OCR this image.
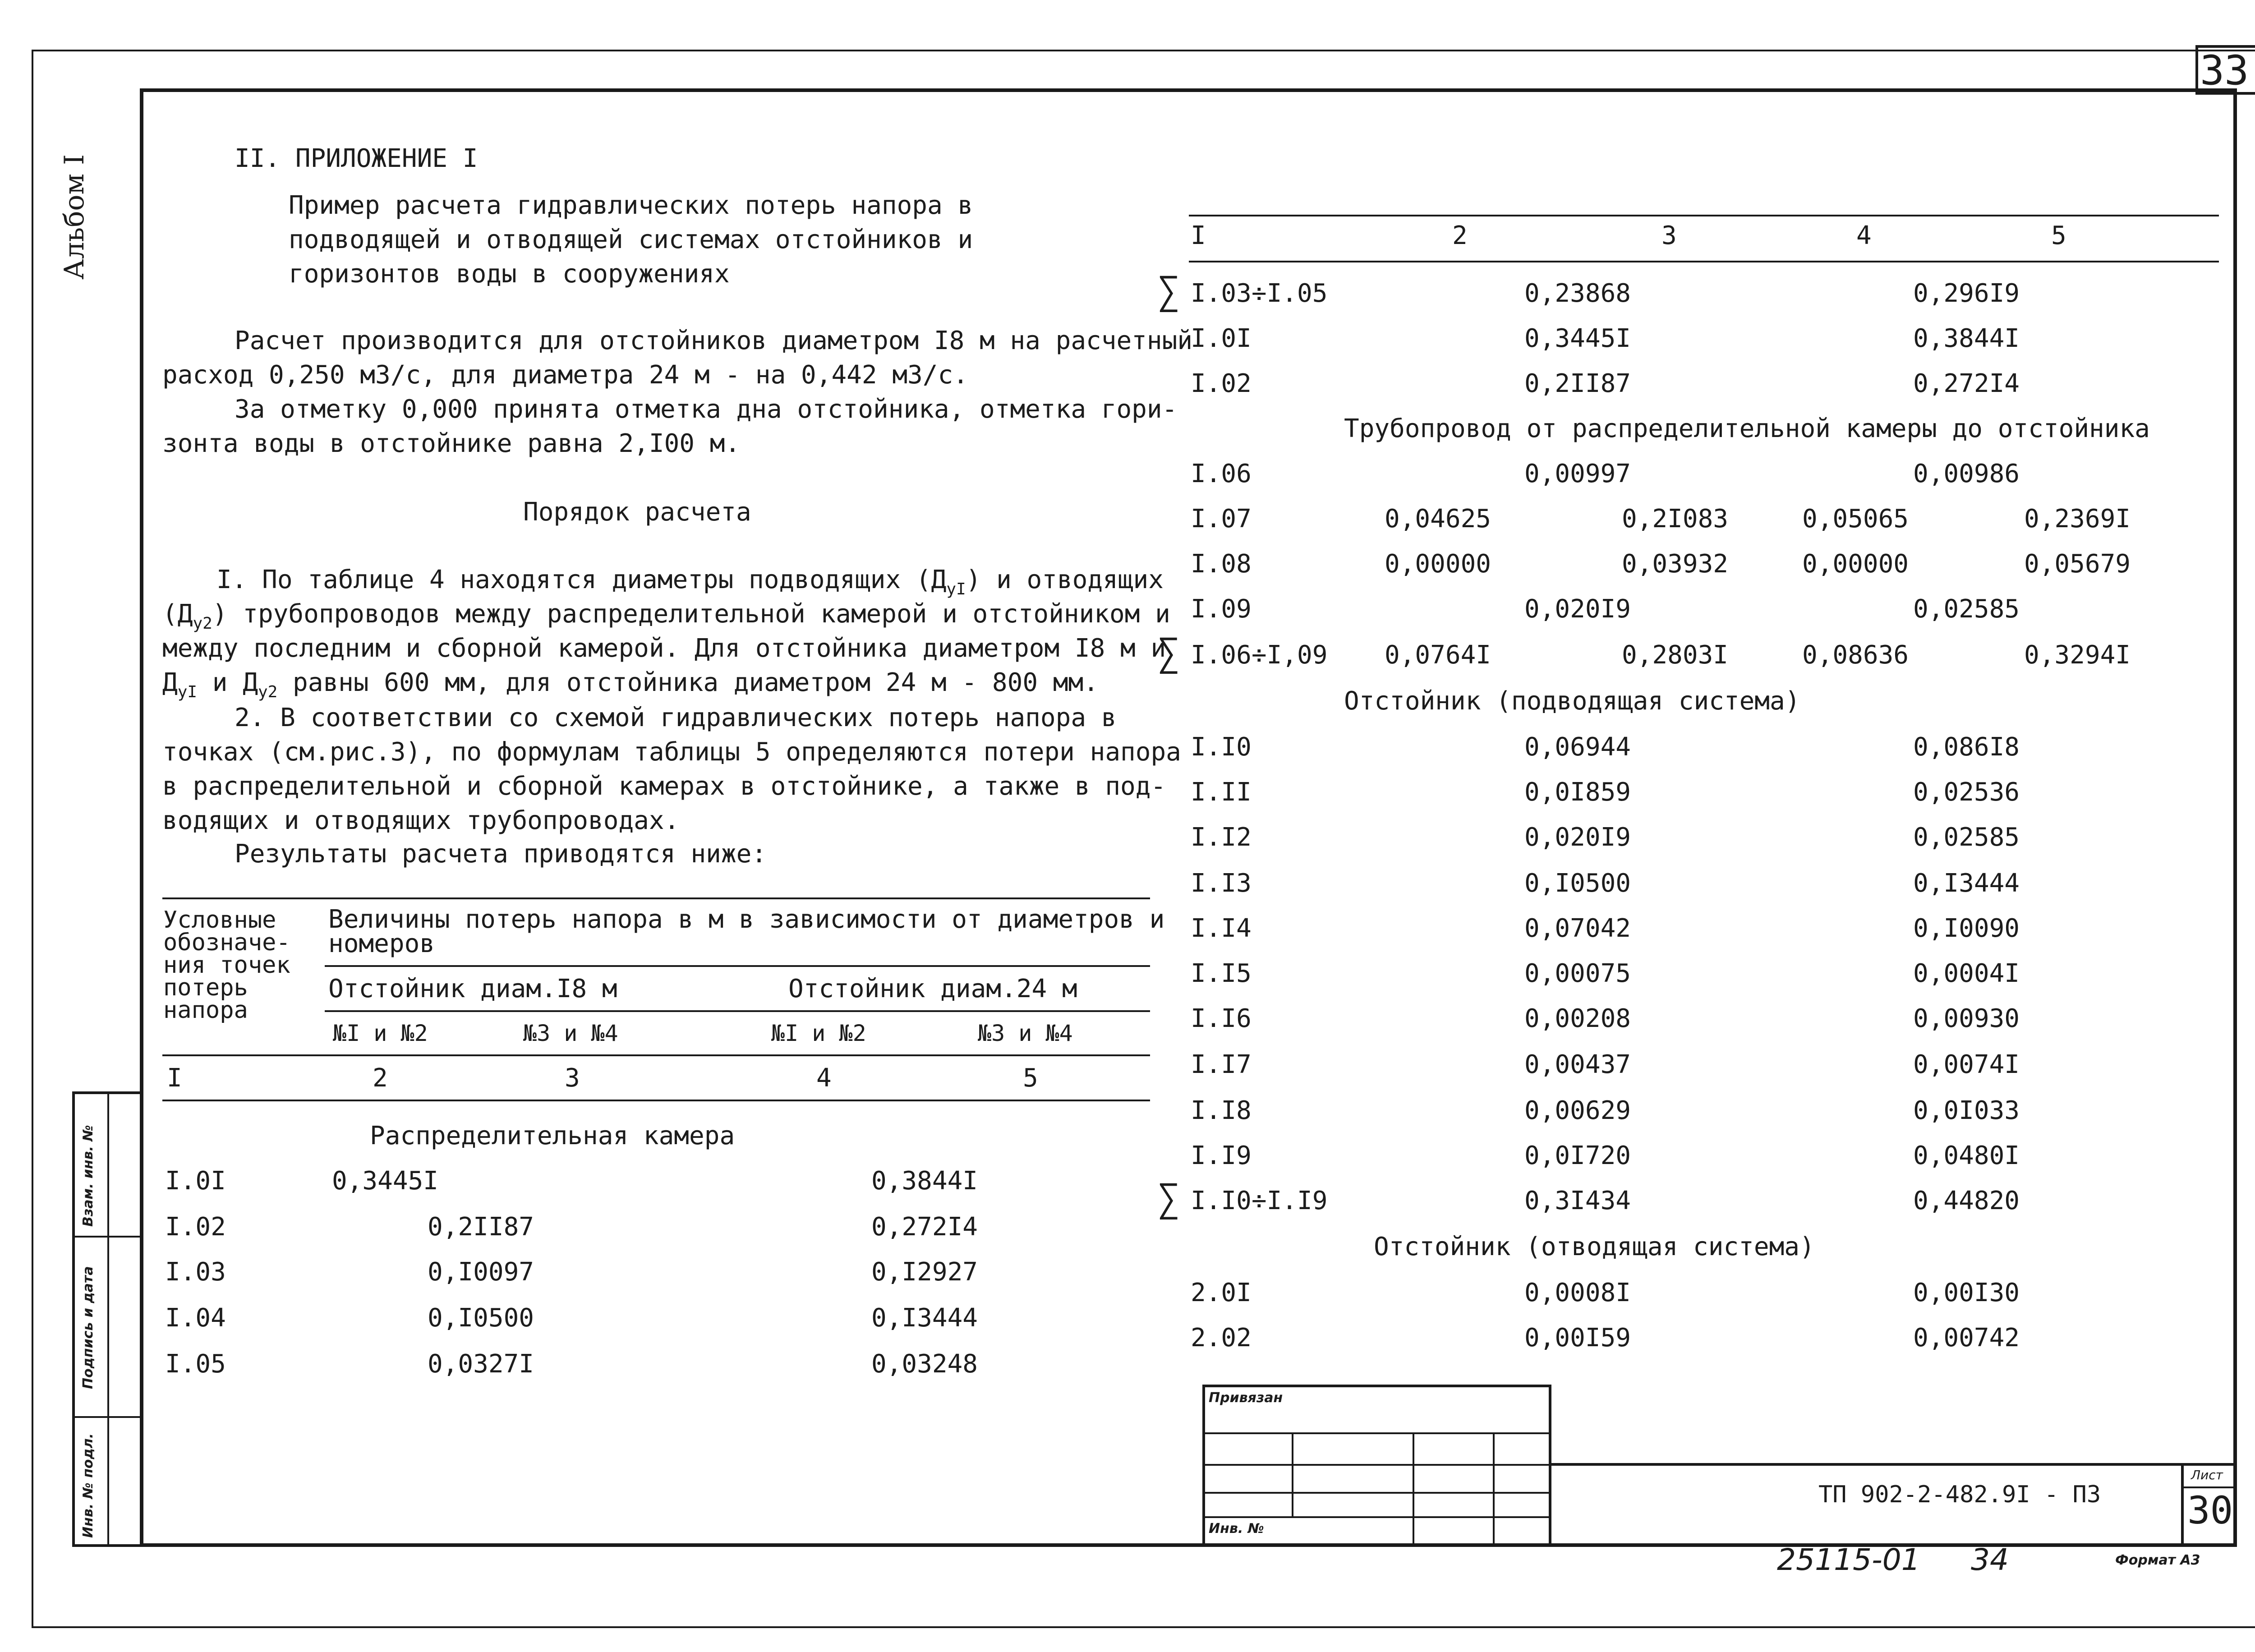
33
Альбом I
Взам. инв. №
Подпись и дата
Инв. № подл.
II. ПРИЛОЖЕНИЕ I
Пример расчета гидравлических потерь напора в
подводящей и отводящей системах отстойников и
горизонтов воды в сооружениях
Расчет производится для отстойников диаметром I8 м на расчетный
расход 0,250 м3/с, для диаметра 24 м - на 0,442 м3/с.
За отметку 0,000 принята отметка дна отстойника, отметка гори-
зонта воды в отстойнике равна 2,I00 м.
Порядок расчета
I. По таблице 4 находятся диаметры подводящих $(Д_{уI})$ и отводящих
$(Д_{у2})$ трубопроводов между распределительной камерой и отстойником и
между последним и сборной камерой. Для отстойника диаметром I8 м и
$Д_{уI}$ и $Д_{у2}$ равны 600 мм, для отстойника диаметром 24 м - 800 мм.
2. В соответствии со схемой гидравлических потерь напора в
точках (см.рис.3), по формулам таблицы 5 определяются потери напора
в распределительной и сборной камерах в отстойнике, а также в под-
водящих и отводящих трубопроводах.
Результаты расчета приводятся ниже:
Условные
обозначе-
ния точек
потерь
напора
Величины потерь напора в м в зависимости от диаметров и
номеров
Отстойник диам.I8 м	Отстойник диам.24 м
№I и №2	№3 и №4	№I и №2	№3 и №4
I	2	3	4	5
Распределительная камера
I.0I	0,3445I	0,3844I
I.02	0,2II87	0,272I4
I.03	0,I0097	0,I2927
I.04	0,I0500	0,I3444
I.05	0,0327I	0,03248
I	2	3	4	5
∑ I.03÷I.05	0,23868	0,296I9
I.0I	0,3445I	0,3844I
I.02	0,2II87	0,272I4
Трубопровод от распределительной камеры до отстойника
I.06	0,00997	0,00986
I.07	0,04625	0,2I083	0,05065	0,2369I
I.08	0,00000	0,03932	0,00000	0,05679
I.09	0,020I9	0,02585
∑ I.06÷I,09 0,0764I	0,2803I	0,08636	0,3294I
Отстойник (подводящая система)
I.I0	0,06944	0,086I8
I.II	0,0I859	0,02536
I.I2	0,020I9	0,02585
I.I3	0,I0500	0,I3444
I.I4	0,07042	0,I0090
I.I5	0,00075	0,0004I
I.I6	0,00208	0,00930
I.I7	0,00437	0,0074I
I.I8	0,00629	0,0I033
I.I9	0,0I720	0,0480I
∑ I.I0÷I.I9	0,3I434	0,44820
Отстойник (отводящая система)
2.0I	0,0008I	0,00I30
2.02	0,00I59	0,00742
Привязан
Инв. №
ТП 902-2-482.9I - ПЗ
Лист
30
25115-01 34	Формат А3
